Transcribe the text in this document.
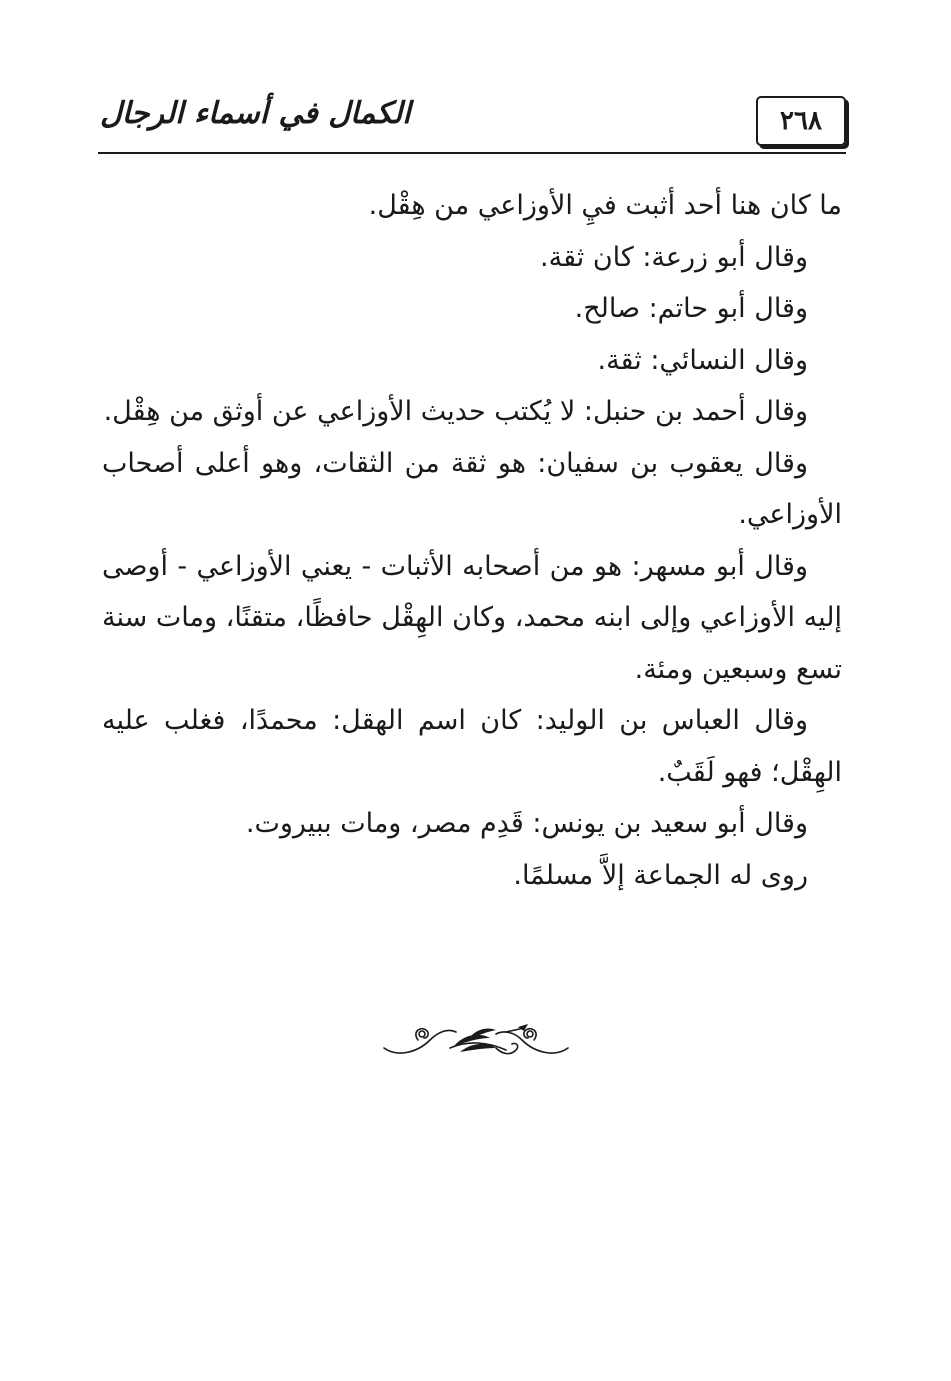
٢٦٨
الكمال في أسماء الرجال

ما كان هنا أحد أثبت فيِ الأوزاعي من هِقْل.

وقال أبو زرعة: كان ثقة.

وقال أبو حاتم: صالح.

وقال النسائي: ثقة.

وقال أحمد بن حنبل: لا يُكتب حديث الأوزاعي عن أوثق من هِقْل.

وقال يعقوب بن سفيان: هو ثقة من الثقات، وهو أعلى أصحاب الأوزاعي.

وقال أبو مسهر: هو من أصحابه الأثبات - يعني الأوزاعي - أوصى إليه الأوزاعي وإلى ابنه محمد، وكان الهِقْل حافظًا، متقنًا، ومات سنة تسع وسبعين ومئة.

وقال العباس بن الوليد: كان اسم الهقل: محمدًا، فغلب عليه الهِقْل؛ فهو لَقَبٌ.

وقال أبو سعيد بن يونس: قَدِم مصر، ومات ببيروت.

روى له الجماعة إلاَّ مسلمًا.
